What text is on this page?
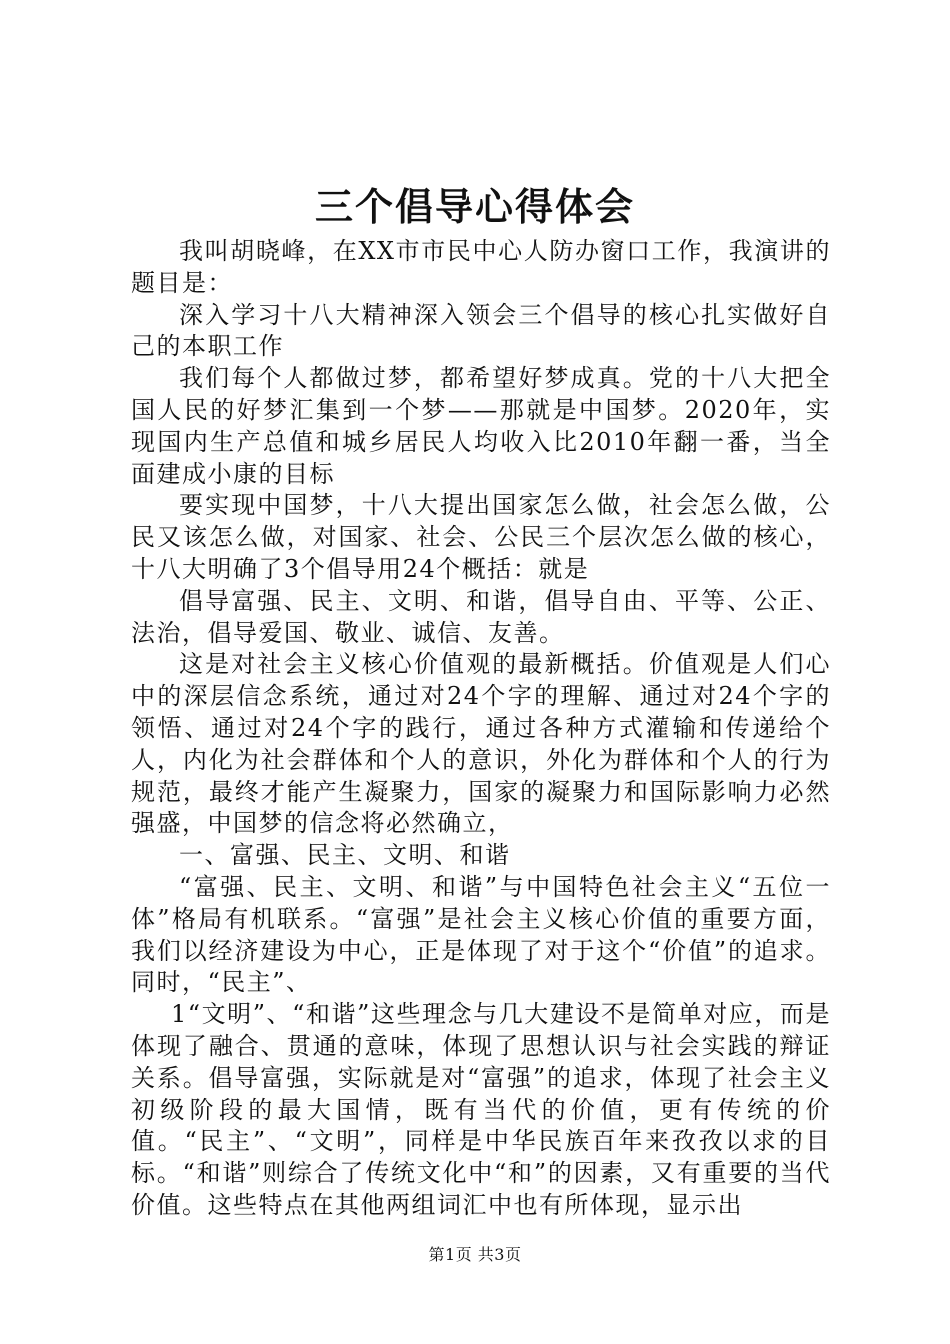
三个倡导心得体会

我叫胡晓峰，在XX市市民中心人防办窗口工作，我演讲的题目是：

深入学习十八大精神深入领会三个倡导的核心扎实做好自己的本职工作

我们每个人都做过梦，都希望好梦成真。党的十八大把全国人民的好梦汇集到一个梦——那就是中国梦。2020年，实现国内生产总值和城乡居民人均收入比2010年翻一番，当全面建成小康的目标

要实现中国梦，十八大提出国家怎么做，社会怎么做，公民又该怎么做，对国家、社会、公民三个层次怎么做的核心，十八大明确了3个倡导用24个概括：就是

倡导富强、民主、文明、和谐，倡导自由、平等、公正、法治，倡导爱国、敬业、诚信、友善。

这是对社会主义核心价值观的最新概括。价值观是人们心中的深层信念系统，通过对24个字的理解、通过对24个字的领悟、通过对24个字的践行，通过各种方式灌输和传递给个人，内化为社会群体和个人的意识，外化为群体和个人的行为规范，最终才能产生凝聚力，国家的凝聚力和国际影响力必然强盛，中国梦的信念将必然确立，

一、富强、民主、文明、和谐

“富强、民主、文明、和谐”与中国特色社会主义“五位一体”格局有机联系。“富强”是社会主义核心价值的重要方面，我们以经济建设为中心，正是体现了对于这个“价值”的追求。同时，“民主”、

1“文明”、“和谐”这些理念与几大建设不是简单对应，而是体现了融合、贯通的意味，体现了思想认识与社会实践的辩证关系。倡导富强，实际就是对“富强”的追求，体现了社会主义初级阶段的最大国情，既有当代的价值，更有传统的价值。“民主”、“文明”，同样是中华民族百年来孜孜以求的目标。“和谐”则综合了传统文化中“和”的因素，又有重要的当代价值。这些特点在其他两组词汇中也有所体现，显示出

第1页 共3页
